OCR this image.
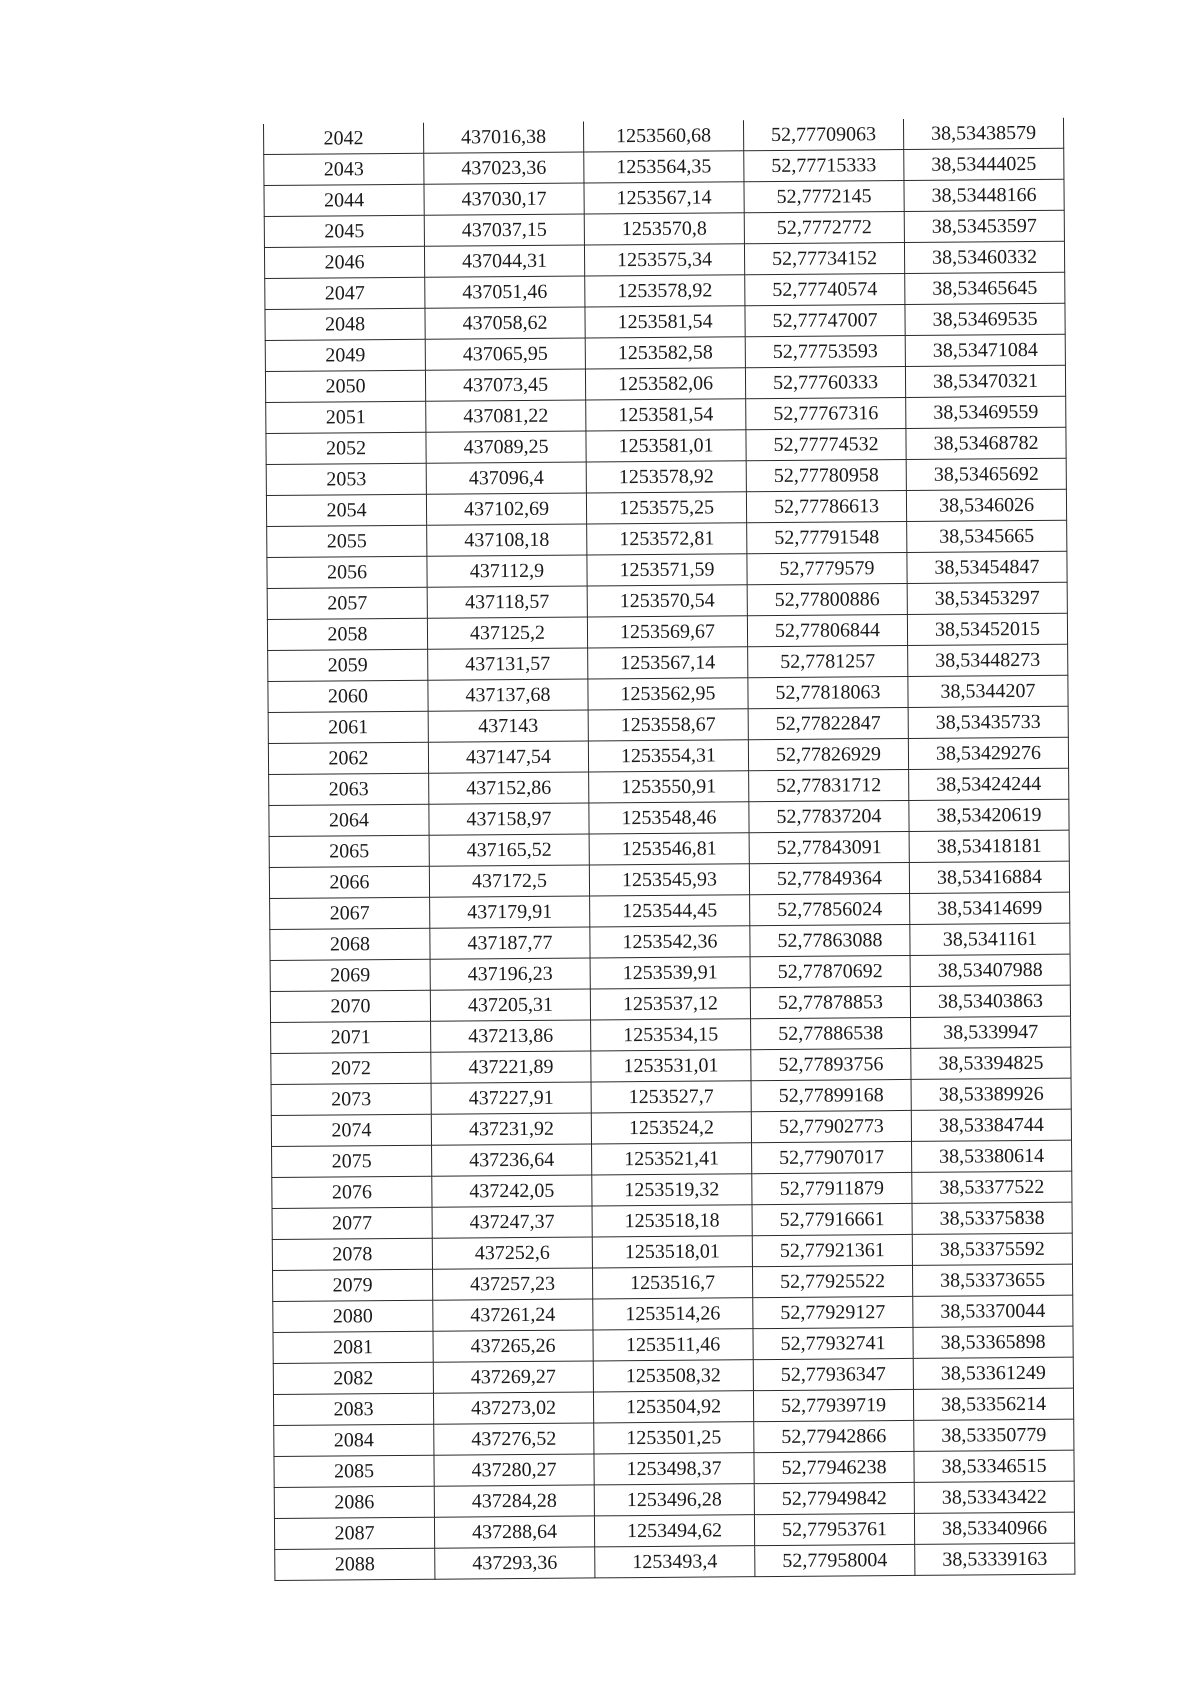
2042	437016,38	1253560,68	52,77709063	38,53438579
2043	437023,36	1253564,35	52,77715333	38,53444025
2044	437030,17	1253567,14	52,7772145	38,53448166
2045	437037,15	1253570,8	52,7772772	38,53453597
2046	437044,31	1253575,34	52,77734152	38,53460332
2047	437051,46	1253578,92	52,77740574	38,53465645
2048	437058,62	1253581,54	52,77747007	38,53469535
2049	437065,95	1253582,58	52,77753593	38,53471084
2050	437073,45	1253582,06	52,77760333	38,53470321
2051	437081,22	1253581,54	52,77767316	38,53469559
2052	437089,25	1253581,01	52,77774532	38,53468782
2053	437096,4	1253578,92	52,77780958	38,53465692
2054	437102,69	1253575,25	52,77786613	38,5346026
2055	437108,18	1253572,81	52,77791548	38,5345665
2056	437112,9	1253571,59	52,7779579	38,53454847
2057	437118,57	1253570,54	52,77800886	38,53453297
2058	437125,2	1253569,67	52,77806844	38,53452015
2059	437131,57	1253567,14	52,7781257	38,53448273
2060	437137,68	1253562,95	52,77818063	38,5344207
2061	437143	1253558,67	52,77822847	38,53435733
2062	437147,54	1253554,31	52,77826929	38,53429276
2063	437152,86	1253550,91	52,77831712	38,53424244
2064	437158,97	1253548,46	52,77837204	38,53420619
2065	437165,52	1253546,81	52,77843091	38,53418181
2066	437172,5	1253545,93	52,77849364	38,53416884
2067	437179,91	1253544,45	52,77856024	38,53414699
2068	437187,77	1253542,36	52,77863088	38,5341161
2069	437196,23	1253539,91	52,77870692	38,53407988
2070	437205,31	1253537,12	52,77878853	38,53403863
2071	437213,86	1253534,15	52,77886538	38,5339947
2072	437221,89	1253531,01	52,77893756	38,53394825
2073	437227,91	1253527,7	52,77899168	38,53389926
2074	437231,92	1253524,2	52,77902773	38,53384744
2075	437236,64	1253521,41	52,77907017	38,53380614
2076	437242,05	1253519,32	52,77911879	38,53377522
2077	437247,37	1253518,18	52,77916661	38,53375838
2078	437252,6	1253518,01	52,77921361	38,53375592
2079	437257,23	1253516,7	52,77925522	38,53373655
2080	437261,24	1253514,26	52,77929127	38,53370044
2081	437265,26	1253511,46	52,77932741	38,53365898
2082	437269,27	1253508,32	52,77936347	38,53361249
2083	437273,02	1253504,92	52,77939719	38,53356214
2084	437276,52	1253501,25	52,77942866	38,53350779
2085	437280,27	1253498,37	52,77946238	38,53346515
2086	437284,28	1253496,28	52,77949842	38,53343422
2087	437288,64	1253494,62	52,77953761	38,53340966
2088	437293,36	1253493,4	52,77958004	38,53339163
